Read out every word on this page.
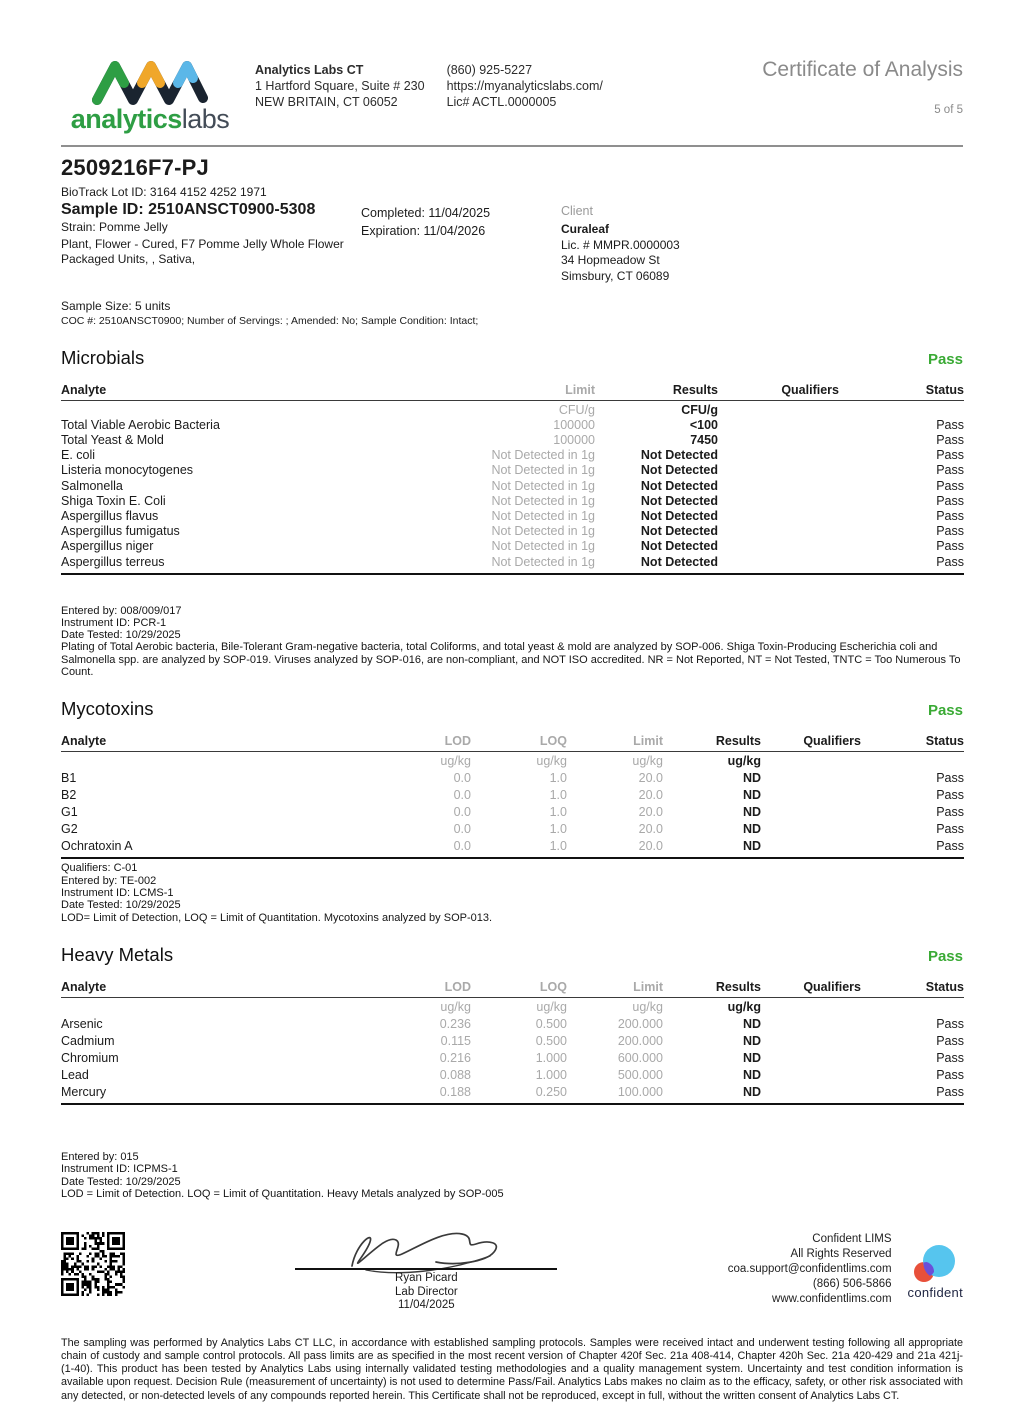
analyticslabs
Analytics Labs CT
1 Hartford Square, Suite # 230
NEW BRITAIN, CT 06052
(860) 925-5227
https://myanalyticslabs.com/
Lic# ACTL.0000005
Certificate of Analysis
5 of 5
2509216F7-PJ
BioTrack Lot ID: 3164 4152 4252 1971
Sample ID: 2510ANSCT0900-5308
Strain: Pomme Jelly
Plant, Flower - Cured, F7 Pomme Jelly Whole Flower Packaged Units, , Sativa,
Completed: 11/04/2025
Expiration: 11/04/2026
Client
Curaleaf
Lic. # MMPR.0000003
34 Hopmeadow St
Simsbury, CT 06089
Sample Size: 5 units
COC #: 2510ANSCT0900; Number of Servings: ; Amended: No; Sample Condition: Intact;
Microbials	Pass
Analyte	Limit	Results	Qualifiers	Status
	CFU/g	CFU/g		
Total Viable Aerobic Bacteria	100000	<100		Pass
Total Yeast & Mold	100000	7450		Pass
E. coli	Not Detected in 1g	Not Detected		Pass
Listeria monocytogenes	Not Detected in 1g	Not Detected		Pass
Salmonella	Not Detected in 1g	Not Detected		Pass
Shiga Toxin E. Coli	Not Detected in 1g	Not Detected		Pass
Aspergillus flavus	Not Detected in 1g	Not Detected		Pass
Aspergillus fumigatus	Not Detected in 1g	Not Detected		Pass
Aspergillus niger	Not Detected in 1g	Not Detected		Pass
Aspergillus terreus	Not Detected in 1g	Not Detected		Pass
Entered by: 008/009/017
Instrument ID: PCR-1
Date Tested: 10/29/2025
Plating of Total Aerobic bacteria, Bile-Tolerant Gram-negative bacteria, total Coliforms, and total yeast & mold are analyzed by SOP-006. Shiga Toxin-Producing Escherichia coli and Salmonella spp. are analyzed by SOP-019. Viruses analyzed by SOP-016, are non-compliant, and NOT ISO accredited. NR = Not Reported, NT = Not Tested, TNTC = Too Numerous To Count.
Mycotoxins	Pass
Analyte	LOD	LOQ	Limit	Results	Qualifiers	Status
	ug/kg	ug/kg	ug/kg	ug/kg		
B1	0.0	1.0	20.0	ND		Pass
B2	0.0	1.0	20.0	ND		Pass
G1	0.0	1.0	20.0	ND		Pass
G2	0.0	1.0	20.0	ND		Pass
Ochratoxin A	0.0	1.0	20.0	ND		Pass
Qualifiers: C-01
Entered by: TE-002
Instrument ID: LCMS-1
Date Tested: 10/29/2025
LOD= Limit of Detection, LOQ = Limit of Quantitation. Mycotoxins analyzed by SOP-013.
Heavy Metals	Pass
Analyte	LOD	LOQ	Limit	Results	Qualifiers	Status
	ug/kg	ug/kg	ug/kg	ug/kg		
Arsenic	0.236	0.500	200.000	ND		Pass
Cadmium	0.115	0.500	200.000	ND		Pass
Chromium	0.216	1.000	600.000	ND		Pass
Lead	0.088	1.000	500.000	ND		Pass
Mercury	0.188	0.250	100.000	ND		Pass
Entered by: 015
Instrument ID: ICPMS-1
Date Tested: 10/29/2025
LOD = Limit of Detection. LOQ = Limit of Quantitation. Heavy Metals analyzed by SOP-005
Ryan Picard
Lab Director
11/04/2025
Confident LIMS
All Rights Reserved
coa.support@confidentlims.com
(866) 506-5866
www.confidentlims.com confident
The sampling was performed by Analytics Labs CT LLC, in accordance with established sampling protocols. Samples were received intact and underwent testing following all appropriate chain of custody and sample control protocols. All pass limits are as specified in the most recent version of Chapter 420f Sec. 21a 408-414, Chapter 420h Sec. 21a 420-429 and 21a 421j-(1-40). This product has been tested by Analytics Labs using internally validated testing methodologies and a quality management system. Uncertainty and test condition information is available upon request. Decision Rule (measurement of uncertainty) is not used to determine Pass/Fail. Analytics Labs makes no claim as to the efficacy, safety, or other risk associated with any detected, or non-detected levels of any compounds reported herein. This Certificate shall not be reproduced, except in full, without the written consent of Analytics Labs CT.
